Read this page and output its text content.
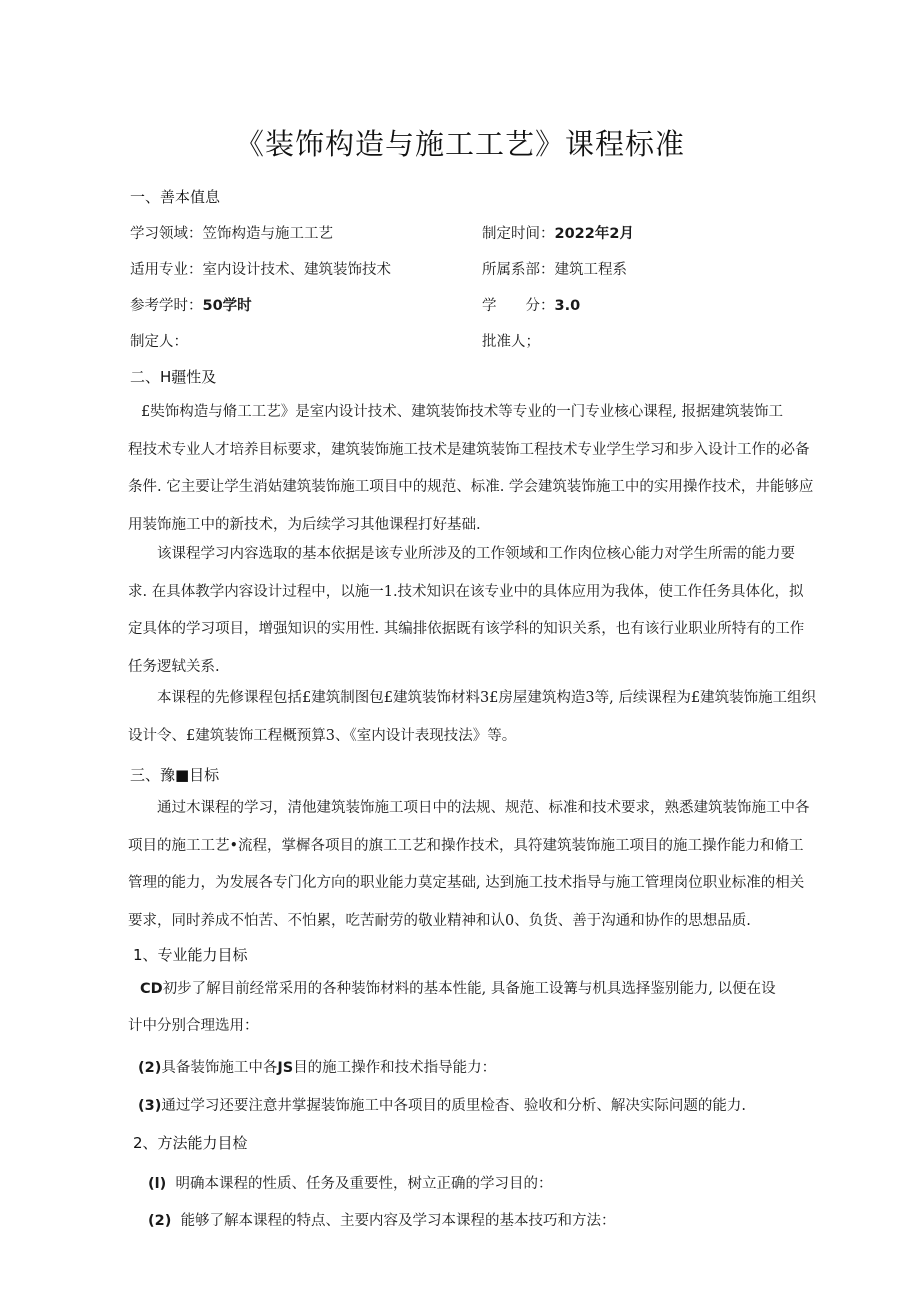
《装饰构造与施工工艺》课程标准
一、善本值息
学习领域：笠饰构造与施工工艺	制定时间：2022年2月
适用专业：室内设计技术、建筑装饰技术	所属系部：建筑工程系
参考学时：50学时	学　　分：3.0
制定人：	批准人；
二、H疆性及
£奘饰构造与脩工工艺》是室内设计技术、建筑装饰技术等专业的一门专业核心课程, 报据建筑装饰工
程技术专业人才培养目标要求，建筑装饰施工技术是建筑装饰工程技术专业学生学习和步入设计工作的必备
条件. 它主要让学生消姑建筑装饰施工项目中的规范、标准. 学会建筑装饰施工中的实用操作技术，井能够应
用装饰施工中的新技术，为后续学习其他课程打好基础.
该课程学习内容选取的基本依据是该专业所涉及的工作领域和工作肉位核心能力对学生所需的能力要
求. 在具体教学内容设计过程中，以施一1.技术知识在该专业中的具体应用为我体，使工作任务具体化，拟
定具体的学习项目，增强知识的实用性. 其编排依据既有该学科的知识关系，也有该行业职业所特有的工作
任务逻轼关系.
本课程的先修课程包括£建筑制图包£建筑装饰材料3£房屋建筑构造3等, 后续课程为£建筑装饰施工组织
设计令、£建筑装饰工程概预算3、《室内设计表现技法》等。
三、豫■目标
通过木课程的学习，清他建筑装饰施工项日中的法规、规范、标准和技术要求，熟悉建筑装饰施工中各
项目的施工工艺•流程，掌樨各项目的旗工工艺和操作技术，具符建筑装饰施工项目的施工操作能力和脩工
管理的能力，为发展各专门化方向的职业能力莫定基础, 达到施工技术指导与施工管理岗位职业标准的相关
要求，同时养成不怕苦、不怕累，吃苦耐劳的敬业精神和认0、负货、善于沟通和协作的思想品质.
1、专业能力目标
CD初步了解目前经常采用的各种装饰材料的基本性能, 具备施工设篝与机具选择鉴别能力, 以便在设
计中分别合理选用：
(2)具备装饰施工中各JS目的施工操作和技术指导能力：
(3)通过学习还要注意井掌握装饰施工中各项目的质里检杳、验收和分析、解决实际问题的能力.
2、方法能力目检
(l) 明确本课程的性质、任务及重要性，树立正确的学习目的：
(2) 能够了解本课程的特点、主要内容及学习本课程的基本技巧和方法：
